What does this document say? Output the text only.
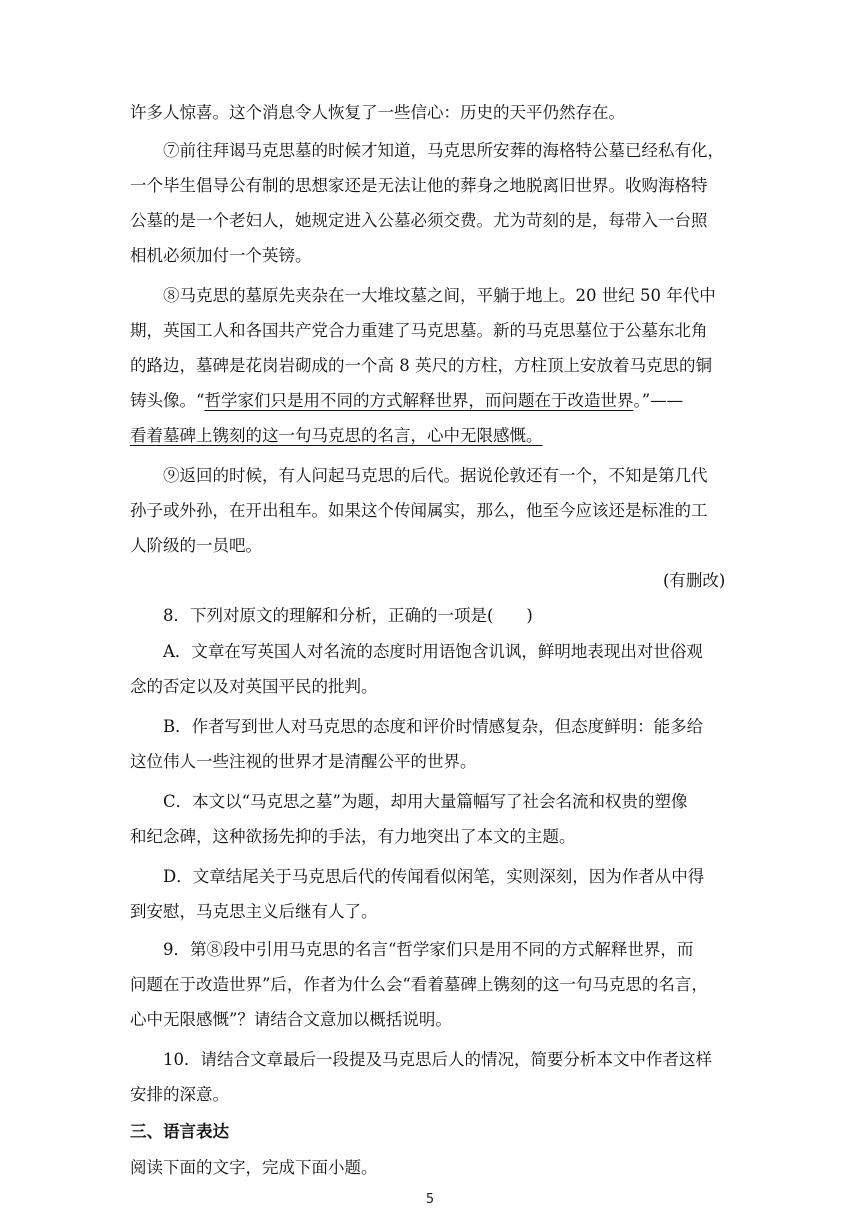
许多人惊喜。这个消息令人恢复了一些信心：历史的天平仍然存在。
⑦前往拜谒马克思墓的时候才知道，马克思所安葬的海格特公墓已经私有化，
一个毕生倡导公有制的思想家还是无法让他的葬身之地脱离旧世界。收购海格特
公墓的是一个老妇人，她规定进入公墓必须交费。尤为苛刻的是，每带入一台照
相机必须加付一个英镑。
⑧马克思的墓原先夹杂在一大堆坟墓之间，平躺于地上。20 世纪 50 年代中
期，英国工人和各国共产党合力重建了马克思墓。新的马克思墓位于公墓东北角
的路边，墓碑是花岗岩砌成的一个高 8 英尺的方柱，方柱顶上安放着马克思的铜
铸头像。“哲学家们只是用不同的方式解释世界，而问题在于改造世界。”——
看着墓碑上镌刻的这一句马克思的名言，心中无限感慨。
⑨返回的时候，有人问起马克思的后代。据说伦敦还有一个，不知是第几代
孙子或外孙，在开出租车。如果这个传闻属实，那么，他至今应该还是标准的工
人阶级的一员吧。
(有删改)
8．下列对原文的理解和分析，正确的一项是(　　)
A．文章在写英国人对名流的态度时用语饱含讥讽，鲜明地表现出对世俗观
念的否定以及对英国平民的批判。
B．作者写到世人对马克思的态度和评价时情感复杂，但态度鲜明：能多给
这位伟人一些注视的世界才是清醒公平的世界。
C．本文以“马克思之墓”为题，却用大量篇幅写了社会名流和权贵的塑像
和纪念碑，这种欲扬先抑的手法，有力地突出了本文的主题。
D．文章结尾关于马克思后代的传闻看似闲笔，实则深刻，因为作者从中得
到安慰，马克思主义后继有人了。
9．第⑧段中引用马克思的名言“哲学家们只是用不同的方式解释世界，而
问题在于改造世界”后，作者为什么会“看着墓碑上镌刻的这一句马克思的名言，
心中无限感慨”？请结合文意加以概括说明。
10．请结合文章最后一段提及马克思后人的情况，简要分析本文中作者这样
安排的深意。
三、语言表达
阅读下面的文字，完成下面小题。
5
